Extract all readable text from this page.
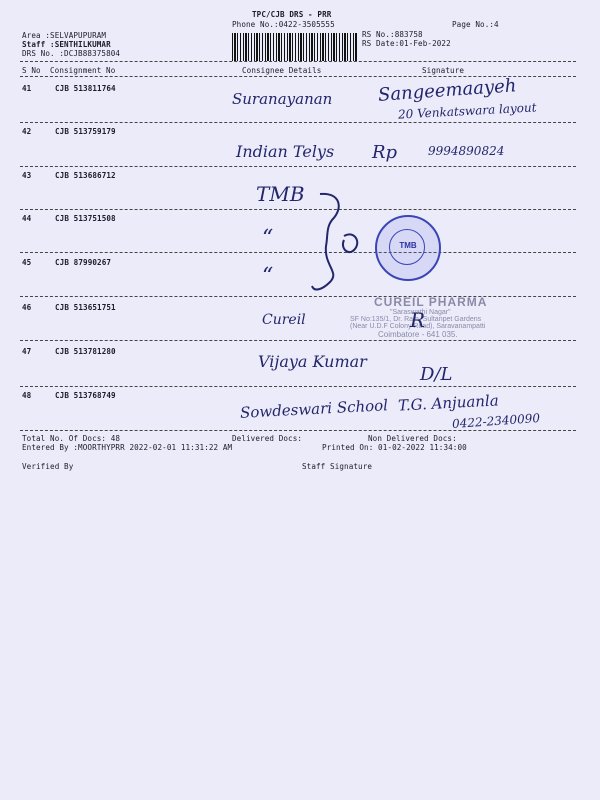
TPC/CJB DRS - PRR
Phone No.:0422-3505555	Page No.:4
Area :SELVAPUPURAM
Staff :SENTHILKUMAR
DRS No. :DCJB88375804
RS No.:883758
RS Date:01-Feb-2022
S No Consignment No	Consignee Details	Signature
41	CJB 513811764
Suranayanan	Sangeemaayeh
20 Venkatswara layout
42	CJB 513759179
Indian Telys Rp	9994890824
43	CJB 513686712
TMB
44	CJB 513751508
“
45	CJB 87990267
“
TMB
46	CJB 513651751
Cureil
CUREIL PHARMA
"Saraswathi Nagar"
SF No:135/1, Dr. Ram, Sultanpet Gardens
(Near U.D.F Colony Road), Saravanampatti
Coimbatore - 641 035.
R
47	CJB 513781280
Vijaya Kumar
D/L
48	CJB 513768749
Sowdeswari School T.G. Anjuanla
0422-2340090
Total No. Of Docs: 48	Delivered Docs:	Non Delivered Docs:
Entered By :MOORTHYPRR 2022-02-01 11:31:22 AM	Printed On: 01-02-2022 11:34:00
Verified By	Staff Signature
